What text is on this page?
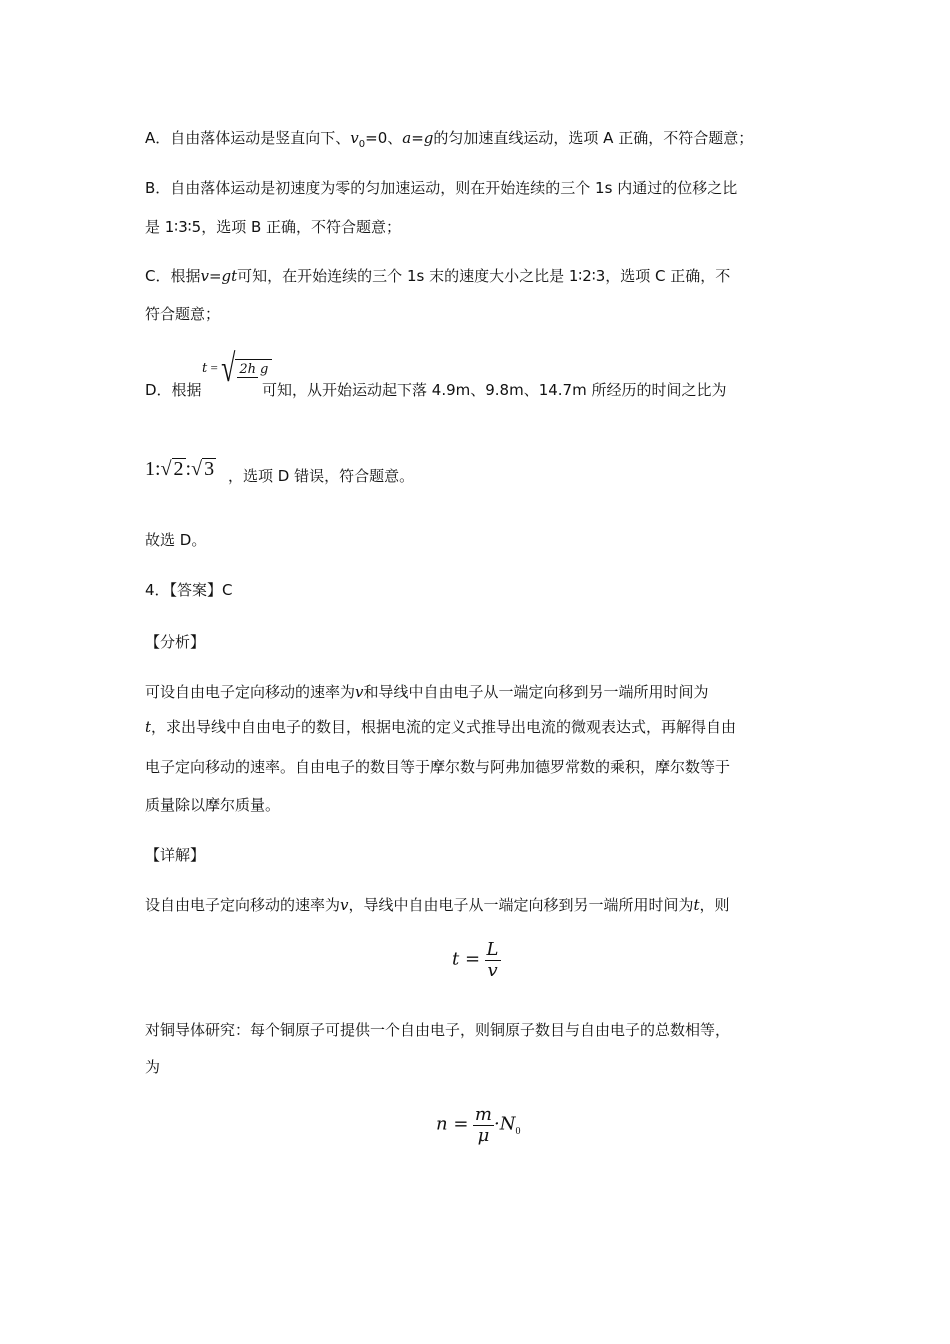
A．自由落体运动是竖直向下、$v_0=0$、a=g的匀加速直线运动，选项 A 正确，不符合题意；
B．自由落体运动是初速度为零的匀加速运动，则在开始连续的三个 1s 内通过的位移之比
是 1∶3∶5，选项 B 正确，不符合题意；
C．根据v=gt可知，在开始连续的三个 1s 末的速度大小之比是 1∶2∶3，选项 C 正确，不
符合题意；
D．根据
t = √ 2h g
可知，从开始运动起下落 4.9m、9.8m、14.7m 所经历的时间之比为
1:√ 2 :√ 3 ，选项 D 错误，符合题意。
故选 D。
4．【答案】C
【分析】
可设自由电子定向移动的速率为v和导线中自由电子从一端定向移到另一端所用时间为
t，求出导线中自由电子的数目，根据电流的定义式推导出电流的微观表达式，再解得自由
电子定向移动的速率。自由电子的数目等于摩尔数与阿弗加德罗常数的乘积，摩尔数等于
质量除以摩尔质量。
【详解】
设自由电子定向移动的速率为v，导线中自由电子从一端定向移到另一端所用时间为t，则
$t = \frac{L}{v}$
对铜导体研究：每个铜原子可提供一个自由电子，则铜原子数目与自由电子的总数相等，
为
$n = \frac{m}{\mu} \cdot N_0$
